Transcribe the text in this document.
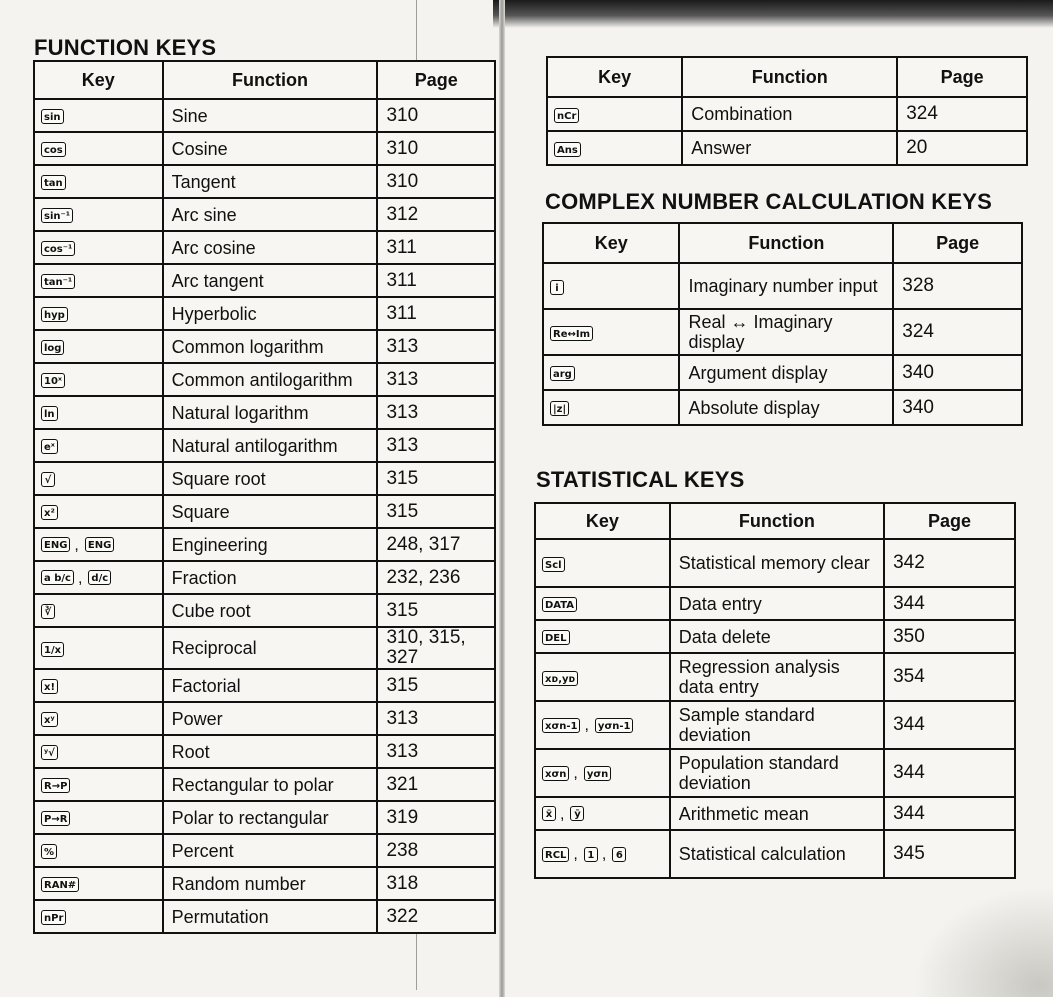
FUNCTION KEYS
Key	Function	Page
sin	Sine	310
cos	Cosine	310
tan	Tangent	310
sin⁻¹	Arc sine	312
cos⁻¹	Arc cosine	311
tan⁻¹	Arc tangent	311
hyp	Hyperbolic	311
log	Common logarithm	313
10ˣ	Common antilogarithm	313
ln	Natural logarithm	313
eˣ	Natural antilogarithm	313
√	Square root	315
x²	Square	315
ENG , ENG	Engineering	248, 317
a b/c , d/c	Fraction	232, 236
∛	Cube root	315
1/x	Reciprocal	310, 315, 327
x!	Factorial	315
xʸ	Power	313
ʸ√	Root	313
R→P	Rectangular to polar	321
P→R	Polar to rectangular	319
%	Percent	238
RAN#	Random number	318
nPr	Permutation	322
Key	Function	Page
nCr	Combination	324
Ans	Answer	20
COMPLEX NUMBER CALCULATION KEYS
Key	Function	Page
i	Imaginary number input	328
Re↔Im	Real ↔ Imaginary display	324
arg	Argument display	340
|z|	Absolute display	340
STATISTICAL KEYS
Key	Function	Page
Scl	Statistical memory clear	342
DATA	Data entry	344
DEL	Data delete	350
xᴅ,yᴅ	Regression analysis data entry	354
xσn-1 , yσn-1	Sample standard deviation	344
xσn , yσn	Population standard deviation	344
x̄ , ȳ	Arithmetic mean	344
RCL , 1 , 6	Statistical calculation	345
